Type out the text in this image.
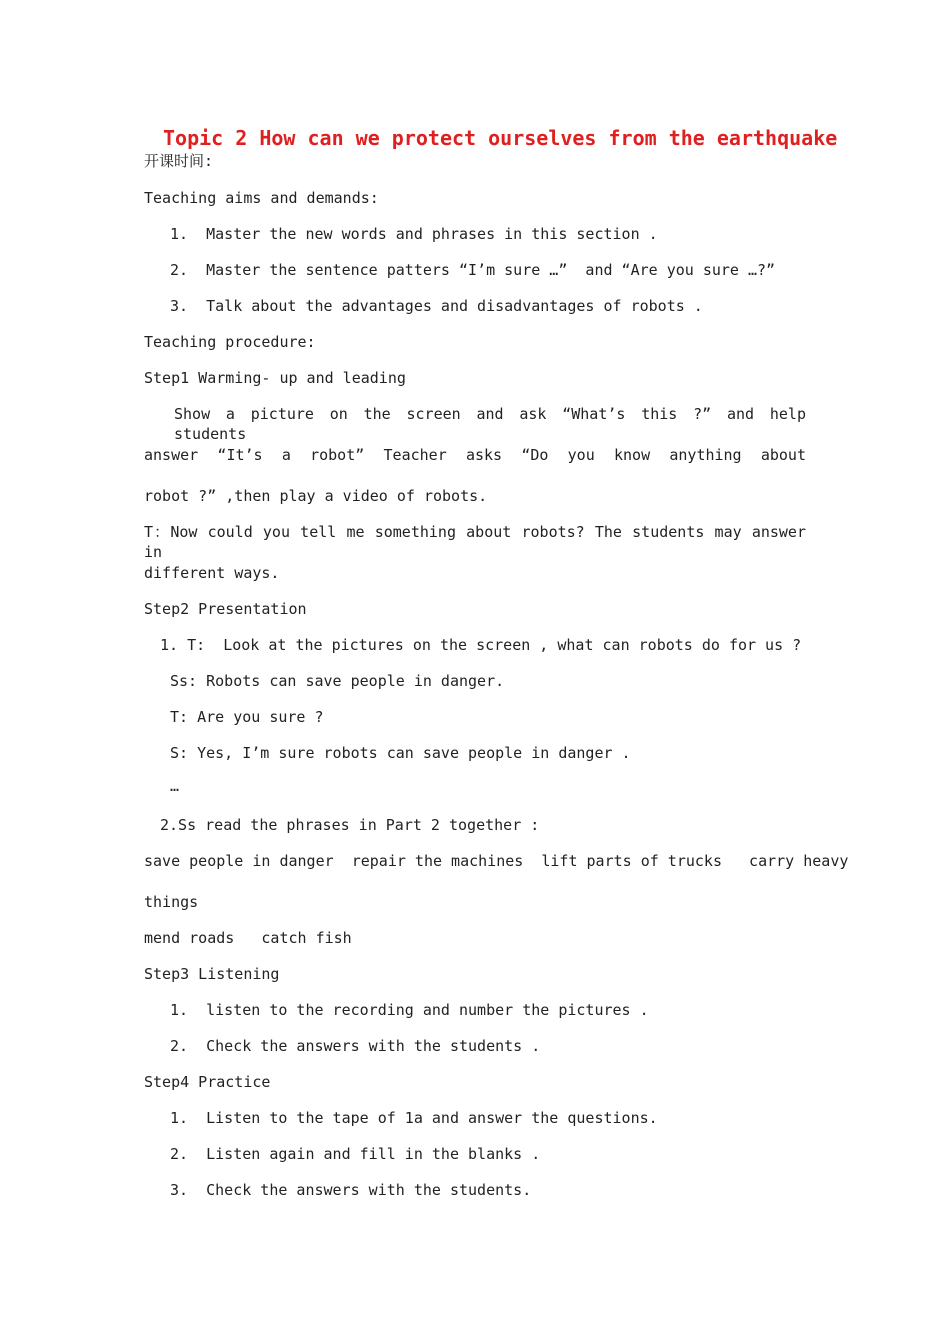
Topic 2 How can we protect ourselves from the earthquake
开课时间:
Teaching aims and demands:
1.  Master the new words and phrases in this section .
2.  Master the sentence patters “I’m sure …”  and “Are you sure …?”
3.  Talk about the advantages and disadvantages of robots .
Teaching procedure:
Step1 Warming- up and leading
Show a picture on the screen and ask “What’s this ?” and help students
answer “It’s a robot” Teacher asks “Do you know anything about
robot ?” ,then play a video of robots.
T：Now could you tell me something about robots? The students may answer in
different ways.
Step2 Presentation
1. T:  Look at the pictures on the screen , what can robots do for us ?
Ss: Robots can save people in danger.
T: Are you sure ?
S: Yes, I’m sure robots can save people in danger .
…
2.Ss read the phrases in Part 2 together :
save people in danger  repair the machines  lift parts of trucks   carry heavy
things
mend roads   catch fish
Step3 Listening
1.  listen to the recording and number the pictures .
2.  Check the answers with the students .
Step4 Practice
1.  Listen to the tape of 1a and answer the questions.
2.  Listen again and fill in the blanks .
3.  Check the answers with the students.
